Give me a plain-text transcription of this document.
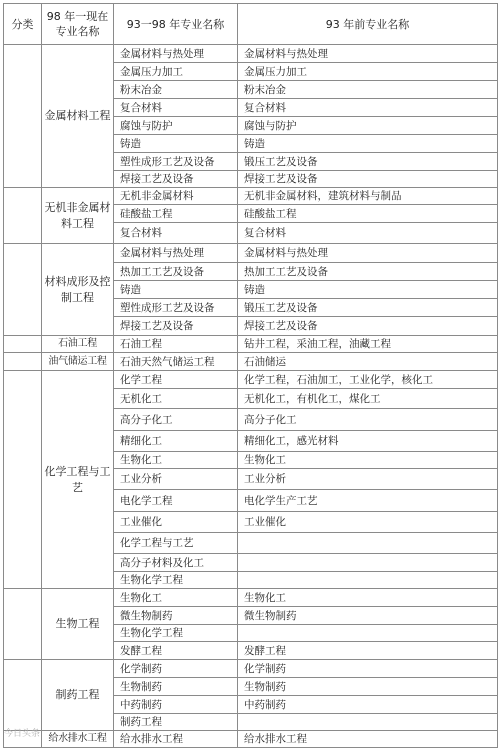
分类	98 年一现在专业名称	93一98 年专业名称	93 年前专业名称
	金属材料工程	金属材料与热处理	金属材料与热处理
		金属压力加工	金属压力加工
		粉末冶金	粉末冶金
		复合材料	复合材料
		腐蚀与防护	腐蚀与防护
		铸造	铸造
		塑性成形工艺及设备	锻压工艺及设备
		焊接工艺及设备	焊接工艺及设备
	无机非金属材料工程	无机非金属材料	无机非金属材料，建筑材料与制品
		硅酸盐工程	硅酸盐工程
		复合材料	复合材料
	材料成形及控制工程	金属材料与热处理	金属材料与热处理
		热加工工艺及设备	热加工工艺及设备
		铸造	铸造
		塑性成形工艺及设备	锻压工艺及设备
		焊接工艺及设备	焊接工艺及设备
	石油工程	石油工程	钻井工程，采油工程，油藏工程
	油气储运工程	石油天然气储运工程	石油储运
	化学工程与工艺	化学工程	化学工程，石油加工，工业化学，核化工
		无机化工	无机化工，有机化工，煤化工
		高分子化工	高分子化工
		精细化工	精细化工，感光材料
		生物化工	生物化工
		工业分析	工业分析
		电化学工程	电化学生产工艺
		工业催化	工业催化
		化学工程与工艺	
		高分子材料及化工	
		生物化学工程	
	生物工程	生物化工	生物化工
		微生物制药	微生物制药
		生物化学工程	
		发酵工程	发酵工程
	制药工程	化学制药	化学制药
		生物制药	生物制药
		中药制药	中药制药
		制药工程	
	给水排水工程	给水排水工程	给水排水工程
今日头条
